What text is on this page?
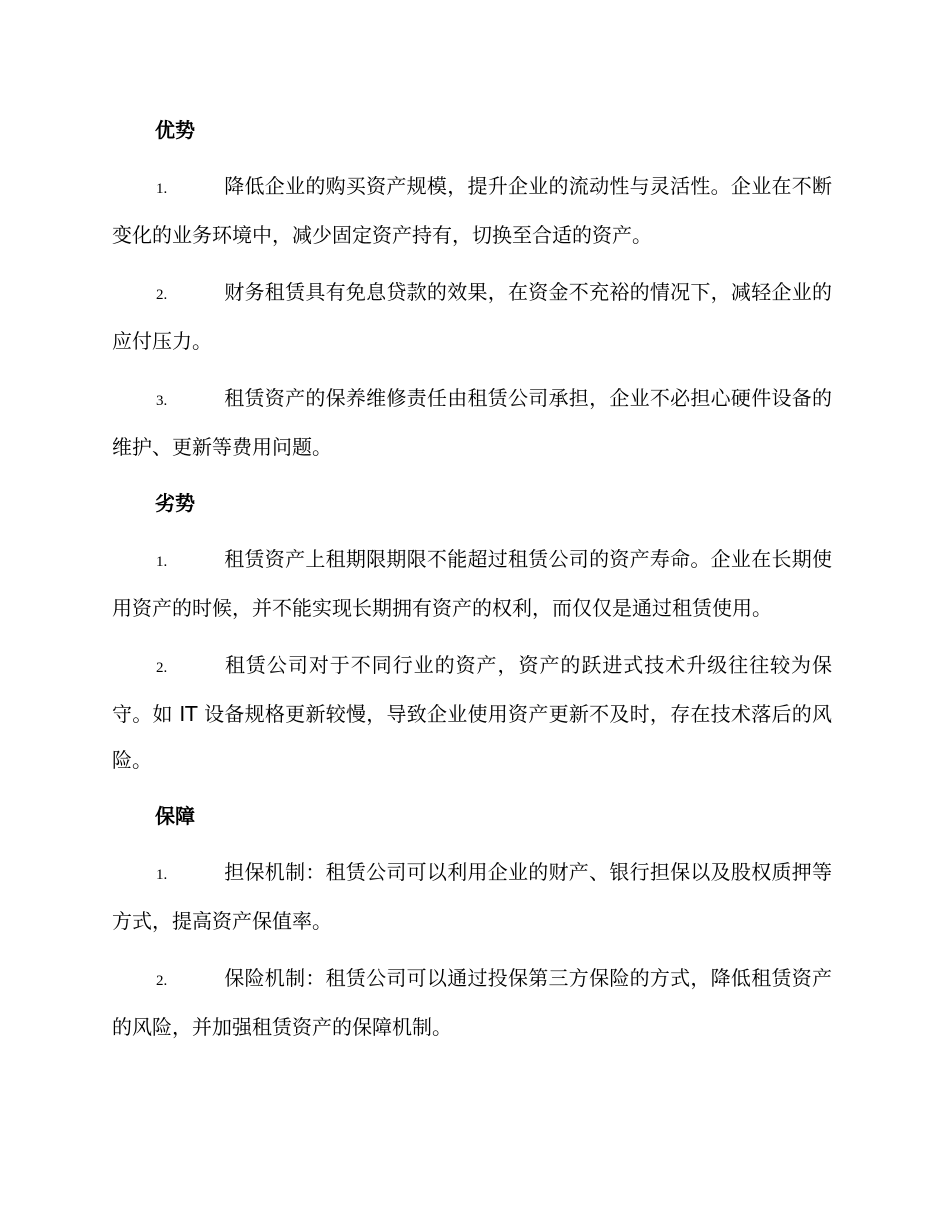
优势
1.	降低企业的购买资产规模，提升企业的流动性与灵活性。企业在不断变化的业务环境中，减少固定资产持有，切换至合适的资产。
2.	财务租赁具有免息贷款的效果，在资金不充裕的情况下，减轻企业的应付压力。
3.	租赁资产的保养维修责任由租赁公司承担，企业不必担心硬件设备的维护、更新等费用问题。
劣势
1.	租赁资产上租期限期限不能超过租赁公司的资产寿命。企业在长期使用资产的时候，并不能实现长期拥有资产的权利，而仅仅是通过租赁使用。
2.	租赁公司对于不同行业的资产，资产的跃进式技术升级往往较为保守。如 IT 设备规格更新较慢，导致企业使用资产更新不及时，存在技术落后的风险。
保障
1.	担保机制：租赁公司可以利用企业的财产、银行担保以及股权质押等方式，提高资产保值率。
2.	保险机制：租赁公司可以通过投保第三方保险的方式，降低租赁资产的风险，并加强租赁资产的保障机制。
